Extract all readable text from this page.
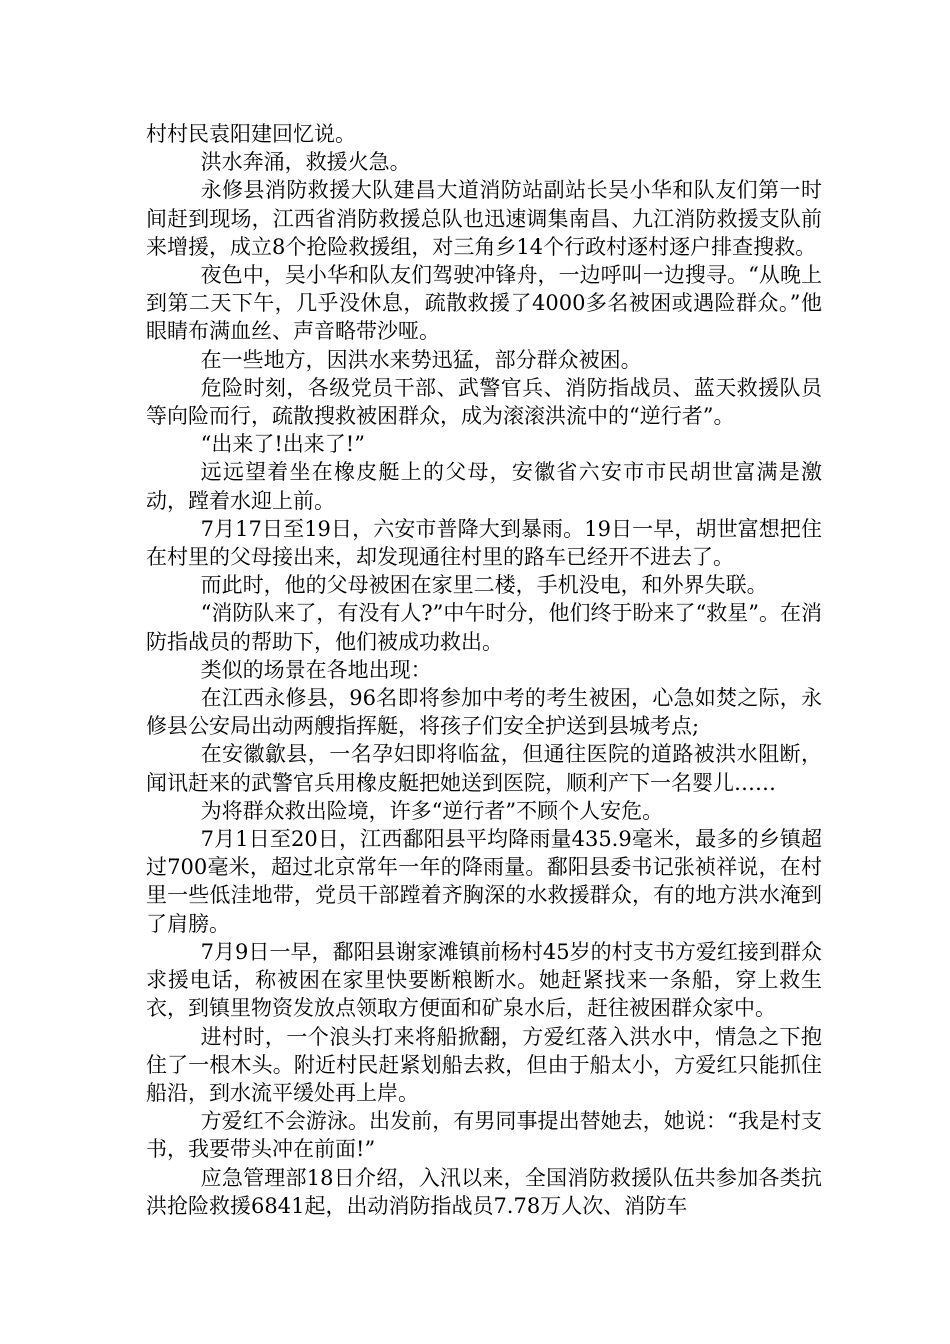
村村民袁阳建回忆说。

洪水奔涌，救援火急。

永修县消防救援大队建昌大道消防站副站长吴小华和队友们第一时间赶到现场，江西省消防救援总队也迅速调集南昌、九江消防救援支队前来增援，成立8个抢险救援组，对三角乡14个行政村逐村逐户排查搜救。

夜色中，吴小华和队友们驾驶冲锋舟，一边呼叫一边搜寻。“从晚上到第二天下午，几乎没休息，疏散救援了4000多名被困或遇险群众。”他眼睛布满血丝、声音略带沙哑。

在一些地方，因洪水来势迅猛，部分群众被困。

危险时刻，各级党员干部、武警官兵、消防指战员、蓝天救援队员等向险而行，疏散搜救被困群众，成为滚滚洪流中的“逆行者”。

“出来了!出来了!”

远远望着坐在橡皮艇上的父母，安徽省六安市市民胡世富满是激动，蹚着水迎上前。

7月17日至19日，六安市普降大到暴雨。19日一早，胡世富想把住在村里的父母接出来，却发现通往村里的路车已经开不进去了。

而此时，他的父母被困在家里二楼，手机没电，和外界失联。

“消防队来了，有没有人?”中午时分，他们终于盼来了“救星”。在消防指战员的帮助下，他们被成功救出。

类似的场景在各地出现：

在江西永修县，96名即将参加中考的考生被困，心急如焚之际，永修县公安局出动两艘指挥艇，将孩子们安全护送到县城考点;

在安徽歙县，一名孕妇即将临盆，但通往医院的道路被洪水阻断，闻讯赶来的武警官兵用橡皮艇把她送到医院，顺利产下一名婴儿……

为将群众救出险境，许多“逆行者”不顾个人安危。

7月1日至20日，江西鄱阳县平均降雨量435.9毫米，最多的乡镇超过700毫米，超过北京常年一年的降雨量。鄱阳县委书记张祯祥说，在村里一些低洼地带，党员干部蹚着齐胸深的水救援群众，有的地方洪水淹到了肩膀。

7月9日一早，鄱阳县谢家滩镇前杨村45岁的村支书方爱红接到群众求援电话，称被困在家里快要断粮断水。她赶紧找来一条船，穿上救生衣，到镇里物资发放点领取方便面和矿泉水后，赶往被困群众家中。

进村时，一个浪头打来将船掀翻，方爱红落入洪水中，情急之下抱住了一根木头。附近村民赶紧划船去救，但由于船太小，方爱红只能抓住船沿，到水流平缓处再上岸。

方爱红不会游泳。出发前，有男同事提出替她去，她说：“我是村支书，我要带头冲在前面!”

应急管理部18日介绍，入汛以来，全国消防救援队伍共参加各类抗洪抢险救援6841起，出动消防指战员7.78万人次、消防车
